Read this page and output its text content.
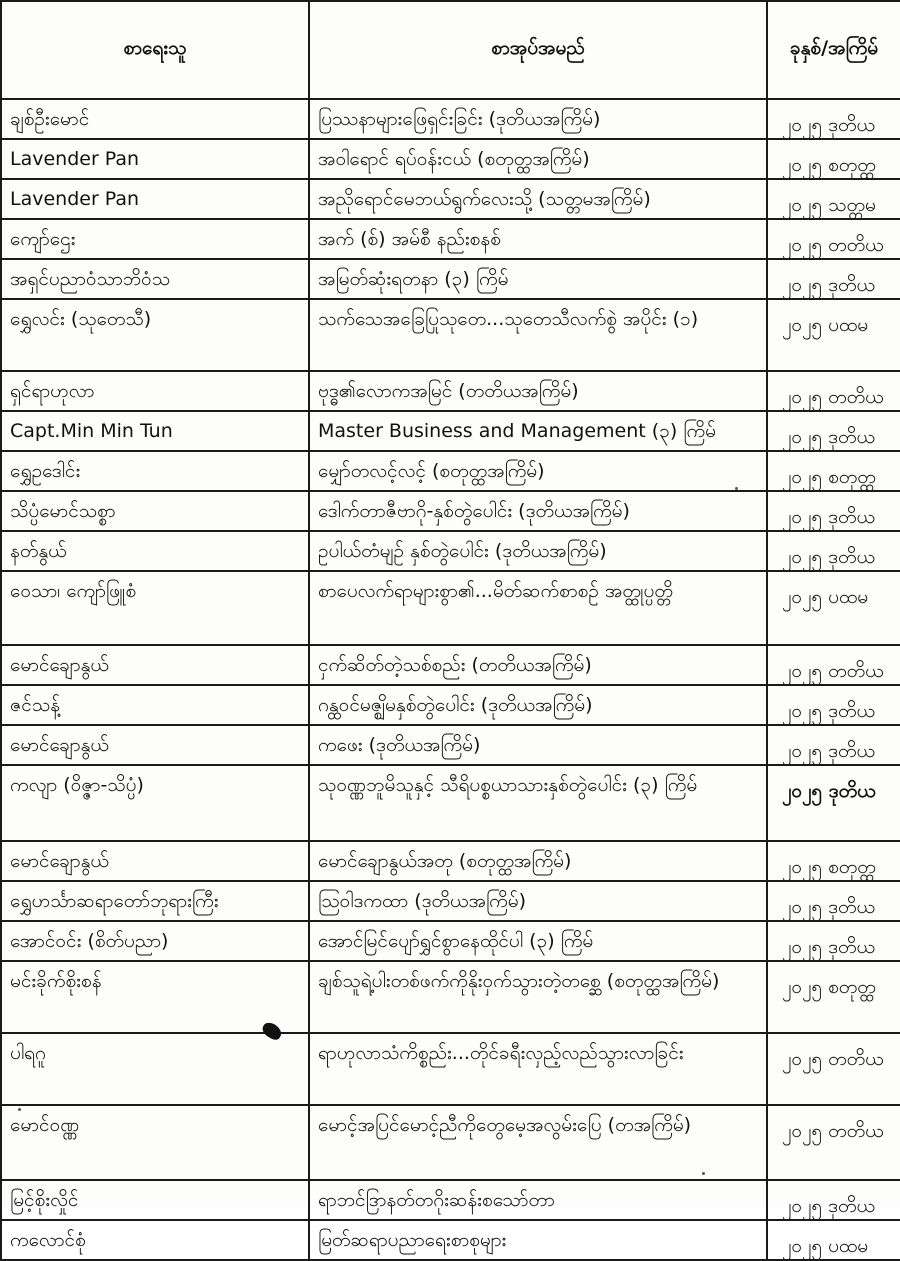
စာရေးသူ	စာအုပ်အမည်	ခုနှစ်/အကြိမ်
ချစ်ဦးမောင်	ပြဿနာများဖြေရှင်းခြင်း (ဒုတိယအကြိမ်)	၂၀၂၅ ဒုတိယ
Lavender Pan	အဝါရောင် ရပ်ဝန်းငယ် (စတုတ္ထအကြိမ်)	၂၀၂၅ စတုတ္ထ
Lavender Pan	အညိုရောင်မေဘယ်ရွက်လေးသို့ (သတ္တမအကြိမ်)	၂၀၂၅ သတ္တမ
ကျော်ဌေး	အက် (စ်) အမ်စီ နည်းစနစ်	၂၀၂၅ တတိယ
အရှင်ပညာဝံသာဘိဝံသ	အမြတ်ဆုံးရတနာ (၃) ကြိမ်	၂၀၂၅ ဒုတိယ
ရွှေလင်း (သုတေသီ)	သက်သေအခြေပြုသုတေ...သုတေသီလက်စွဲ အပိုင်း (၁)	၂၀၂၅ ပထမ
ရှင်ရာဟုလာ	ဗုဒ္ဓ၏လောကအမြင် (တတိယအကြိမ်)	၂၀၂၅ တတိယ
Capt.Min Min Tun	Master Business and Management (၃) ကြိမ်	၂၀၂၅ ဒုတိယ
ရွှေဥဒေါင်း	မျှော်တလင့်လင့် (စတုတ္ထအကြိမ်)	၂၀၂၅ စတုတ္ထ
သိပ္ပံမောင်သစ္စာ	ဒေါက်တာဇီဗာဂို-နှစ်တွဲပေါင်း (ဒုတိယအကြိမ်)	၂၀၂၅ ဒုတိယ
နတ်နွယ်	ဥပါယ်တံမျဉ် နှစ်တွဲပေါင်း (ဒုတိယအကြိမ်)	၂၀၂၅ ဒုတိယ
ဝေသာ၊ ကျော်ဖြူစံ	စာပေလက်ရာများစွာ၏...မိတ်ဆက်စာစဉ် အတ္ထုပ္ပတ္တိ	၂၀၂၅ ပထမ
မောင်ချောနွယ်	ငှက်ဆိတ်တဲ့သစ်စည်း (တတိယအကြိမ်)	၂၀၂၅ တတိယ
ဇင်သန့်	ဂန္ထဝင်မဇ္ဈိမနှစ်တွဲပေါင်း (ဒုတိယအကြိမ်)	၂၀၂၅ ဒုတိယ
မောင်ချောနွယ်	ကဖေး (ဒုတိယအကြိမ်)	၂၀၂၅ ဒုတိယ
ကလျာ (ဝိဇ္ဇာ-သိပ္ပံ)	သုဝဏ္ဏဘူမိသူနှင့် သီရိပစ္စယာသားနှစ်တွဲပေါင်း (၃) ကြိမ်	၂၀၂၅ ဒုတိယ
မောင်ချောနွယ်	မောင်ချောနွယ်အတု (စတုတ္ထအကြိမ်)	၂၀၂၅ စတုတ္ထ
ရွှေဟင်္သာဆရာတော်ဘုရားကြီး	သြဝါဒကထာ (ဒုတိယအကြိမ်)	၂၀၂၅ ဒုတိယ
အောင်ဝင်း (စိတ်ပညာ)	အောင်မြင်ပျော်ရွှင်စွာနေထိုင်ပါ (၃) ကြိမ်	၂၀၂၅ ဒုတိယ
မင်းခိုက်စိုးစန်	ချစ်သူရဲ့ပါးတစ်ဖက်ကိုနိုးဝှက်သွားတဲ့တစ္ဆေ (စတုတ္ထအကြိမ်)	၂၀၂၅ စတုတ္ထ
ပါရဂူ	ရာဟုလာသံကိစ္စည်း...တိုင်ခရီးလှည့်လည်သွားလာခြင်း	၂၀၂၅ တတိယ
မောင်ဝဏ္ဏ	မောင့်အပြင်မောင့်ညီကိုတွေမေ့အလွမ်းပြေ (တအကြိမ်)	၂၀၂၅ တတိယ
မြင့်စိုးလှိုင်	ရာဘင်ဒြာနတ်တဂိုးဆန်းစသော်တာ	၂၀၂၅ ဒုတိယ
ကလောင်စုံ	မြတ်ဆရာပညာရေးစာစုများ	၂၀၂၅ ပထမ
